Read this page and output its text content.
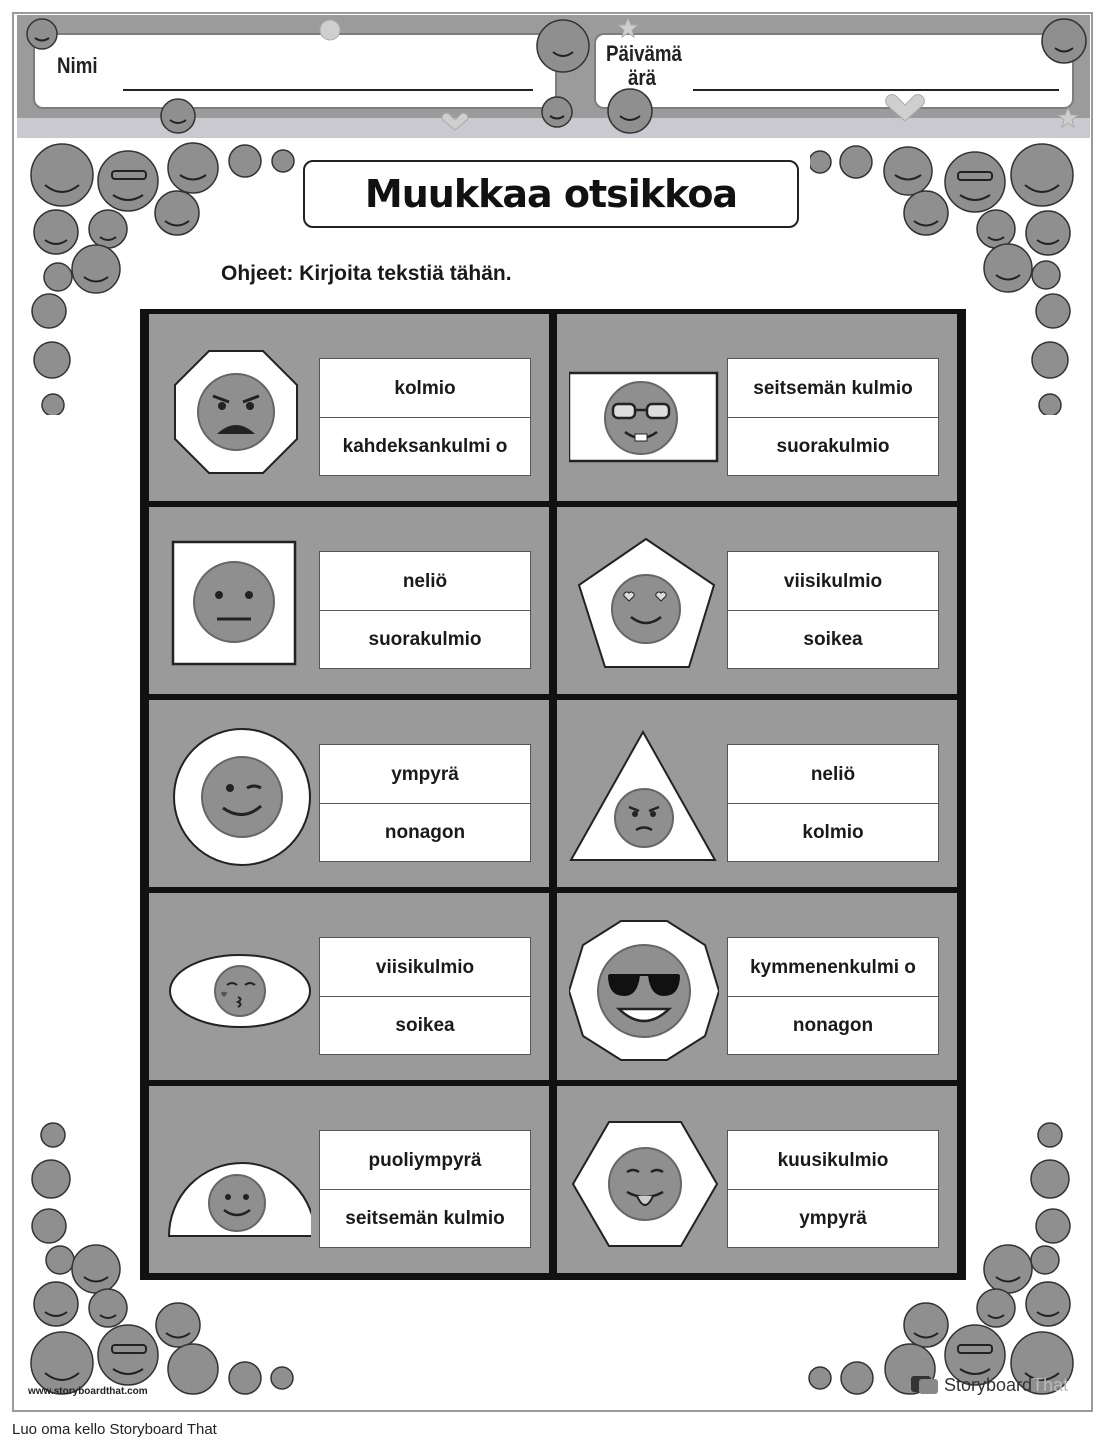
Nimi	Päivämä
ärä
Muukkaa otsikkoa
Ohjeet: Kirjoita tekstiä tähän.
kolmio
kahdeksankulmi o
seitsemän kulmio
suorakulmio
neliö
suorakulmio
viisikulmio
soikea
ympyrä
nonagon
neliö
kolmio
viisikulmio
soikea
kymmenenkulmi o
nonagon
puoliympyrä
seitsemän kulmio
kuusikulmio
ympyrä
www.storyboardthat.com	StoryboardThat
Luo oma kello Storyboard That
